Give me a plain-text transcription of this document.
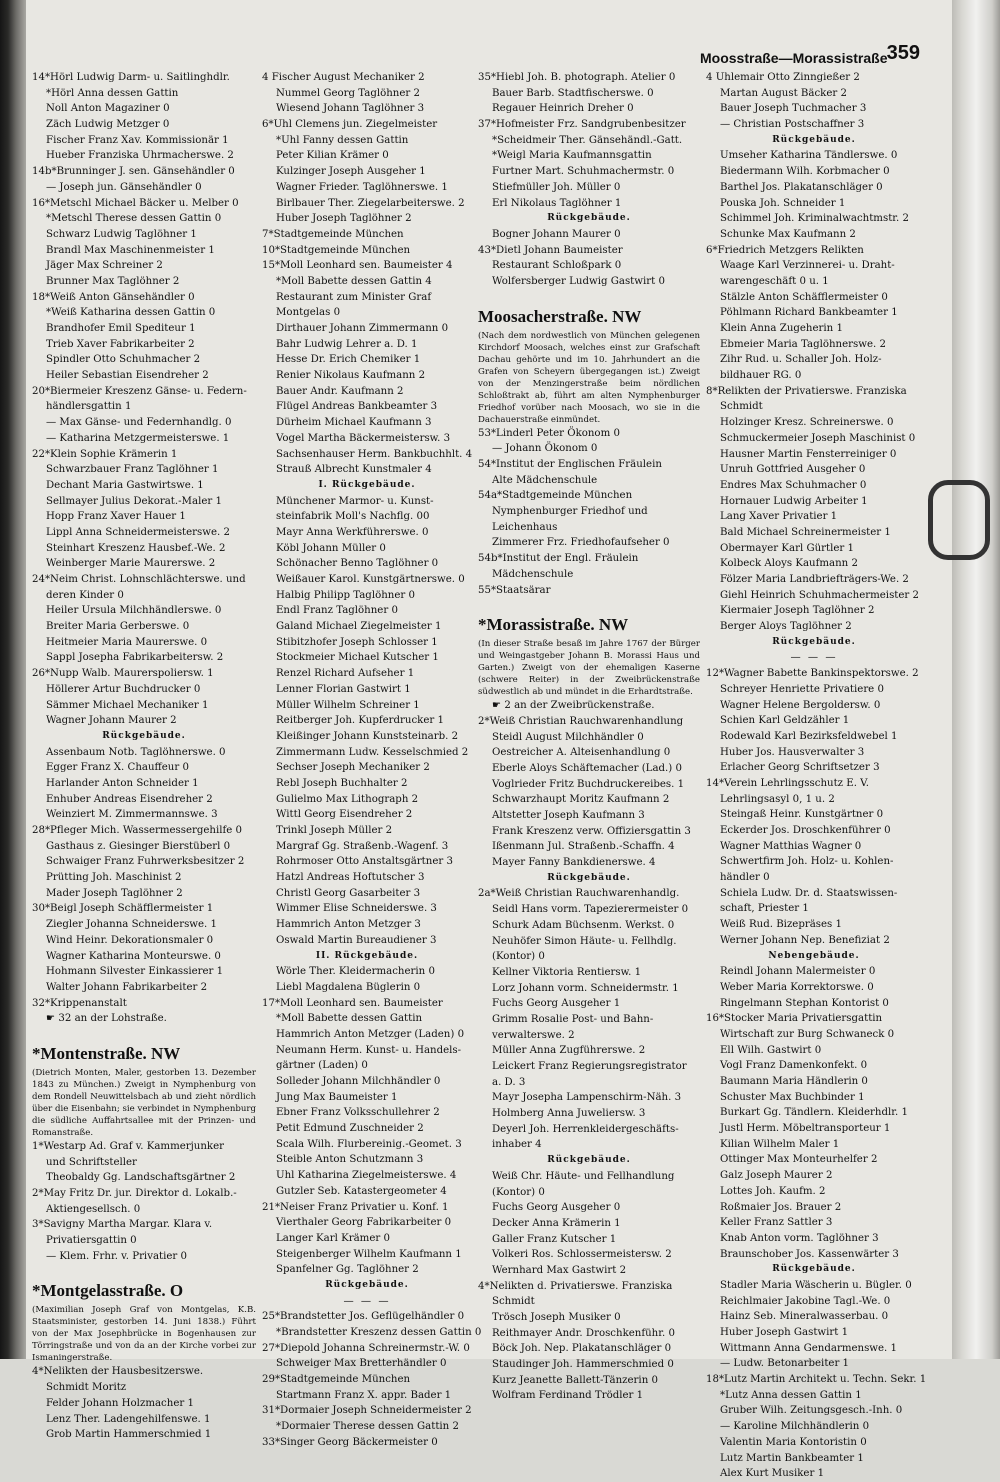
Moosstraße—Morassistraße 359
14*Hörl Ludwig Darm- u. Saitlinghdlr.
*Hörl Anna dessen Gattin
Noll Anton Magaziner 0
Zäch Ludwig Metzger 0
Fischer Franz Xav. Kommissionär 1
Hueber Franziska Uhrmacherswe. 2
14b*Brunninger J. sen. Gänsehändler 0
— Joseph jun. Gänsehändler 0
16*Metschl Michael Bäcker u. Melber 0
*Metschl Therese dessen Gattin 0
Schwarz Ludwig Taglöhner 1
Brandl Max Maschinenmeister 1
Jäger Max Schreiner 2
Brunner Max Taglöhner 2
18*Weiß Anton Gänsehändler 0
*Weiß Katharina dessen Gattin 0
Brandhofer Emil Spediteur 1
Trieb Xaver Fabrikarbeiter 2
Spindler Otto Schuhmacher 2
Heiler Sebastian Eisendreher 2
20*Biermeier Kreszenz Gänse- u. Federn-
händlersgattin 1
— Max Gänse- und Federnhandlg. 0
— Katharina Metzgermeisterswe. 1
22*Klein Sophie Krämerin 1
Schwarzbauer Franz Taglöhner 1
Dechant Maria Gastwirtswe. 1
Sellmayer Julius Dekorat.-Maler 1
Hopp Franz Xaver Hauer 1
Lippl Anna Schneidermeisterswe. 2
Steinhart Kreszenz Hausbef.-We. 2
Weinberger Marie Maurerswe. 2
24*Neim Christ. Lohnschlächterswe. und
deren Kinder 0
Heiler Ursula Milchhändlerswe. 0
Breiter Maria Gerberswe. 0
Heitmeier Maria Maurerswe. 0
Sappl Josepha Fabrikarbeitersw. 2
26*Nupp Walb. Maurerspoliersw. 1
Höllerer Artur Buchdrucker 0
Sämmer Michael Mechaniker 1
Wagner Johann Maurer 2
Rückgebäude.
Assenbaum Notb. Taglöhnerswe. 0
Egger Franz X. Chauffeur 0
Harlander Anton Schneider 1
Enhuber Andreas Eisendreher 2
Weinziert M. Zimmermannswe. 3
28*Pfleger Mich. Wassermessergehilfe 0
Gasthaus z. Giesinger Bierstüberl 0
Schwaiger Franz Fuhrwerksbesitzer 2
Prütting Joh. Maschinist 2
Mader Joseph Taglöhner 2
30*Beigl Joseph Schäfflermeister 1
Ziegler Johanna Schneiderswe. 1
Wind Heinr. Dekorationsmaler 0
Wagner Katharina Monteurswe. 0
Hohmann Silvester Einkassierer 1
Walter Johann Fabrikarbeiter 2
32*Krippenanstalt
☛ 32 an der Lohstraße.
*Montenstraße. NW
(Dietrich Monten, Maler, gestorben 13. Dezember 1843 zu München.) Zweigt in Nymphenburg von dem Rondell Neuwittelsbach ab und zieht nördlich über die Eisenbahn; sie verbindet in Nymphenburg die südliche Auffahrtsallee mit der Prinzen- und Romanstraße.
1*Westarp Ad. Graf v. Kammerjunker
und Schriftsteller
Theobaldy Gg. Landschaftsgärtner 2
2*May Fritz Dr. jur. Direktor d. Lokalb.-
Aktiengesellsch. 0
3*Savigny Martha Margar. Klara v.
Privatiersgattin 0
— Klem. Frhr. v. Privatier 0
*Montgelasstraße. O
(Maximilian Joseph Graf von Montgelas, K.B. Staatsminister, gestorben 14. Juni 1838.) Führt von der Max Josephbrücke in Bogenhausen zur Törringstraße und von da an der Kirche vorbei zur Ismaningerstraße.
4*Nelikten der Hausbesitzerswe.
Schmidt Moritz
Felder Johann Holzmacher 1
Lenz Ther. Ladengehilfenswe. 1
Grob Martin Hammerschmied 1
4 Fischer August Mechaniker 2
Nummel Georg Taglöhner 2
Wiesend Johann Taglöhner 3
6*Uhl Clemens jun. Ziegelmeister
*Uhl Fanny dessen Gattin
Peter Kilian Krämer 0
Kulzinger Joseph Ausgeher 1
Wagner Frieder. Taglöhnerswe. 1
Birlbauer Ther. Ziegelarbeiterswe. 2
Huber Joseph Taglöhner 2
7*Stadtgemeinde München
10*Stadtgemeinde München
15*Moll Leonhard sen. Baumeister 4
*Moll Babette dessen Gattin 4
Restaurant zum Minister Graf
Montgelas 0
Dirthauer Johann Zimmermann 0
Bahr Ludwig Lehrer a. D. 1
Hesse Dr. Erich Chemiker 1
Renier Nikolaus Kaufmann 2
Bauer Andr. Kaufmann 2
Flügel Andreas Bankbeamter 3
Dürheim Michael Kaufmann 3
Vogel Martha Bäckermeistersw. 3
Sachsenhauser Herm. Bankbuchhlt. 4
Strauß Albrecht Kunstmaler 4
I. Rückgebäude.
Münchener Marmor- u. Kunst-
steinfabrik Moll's Nachflg. 00
Mayr Anna Werkführerswe. 0
Köbl Johann Müller 0
Schönacher Benno Taglöhner 0
Weißauer Karol. Kunstgärtnerswe. 0
Halbig Philipp Taglöhner 0
Endl Franz Taglöhner 0
Galand Michael Ziegelmeister 1
Stibitzhofer Joseph Schlosser 1
Stockmeier Michael Kutscher 1
Renzel Richard Aufseher 1
Lenner Florian Gastwirt 1
Müller Wilhelm Schreiner 1
Reitberger Joh. Kupferdrucker 1
Kleißinger Johann Kunststeinarb. 2
Zimmermann Ludw. Kesselschmied 2
Sechser Joseph Mechaniker 2
Rebl Joseph Buchhalter 2
Gulielmo Max Lithograph 2
Wittl Georg Eisendreher 2
Trinkl Joseph Müller 2
Margraf Gg. Straßenb.-Wagenf. 3
Rohrmoser Otto Anstaltsgärtner 3
Hatzl Andreas Hoftutscher 3
Christl Georg Gasarbeiter 3
Wimmer Elise Schneiderswe. 3
Hammrich Anton Metzger 3
Oswald Martin Bureaudiener 3
II. Rückgebäude.
Wörle Ther. Kleidermacherin 0
Liebl Magdalena Büglerin 0
17*Moll Leonhard sen. Baumeister
*Moll Babette dessen Gattin
Hammrich Anton Metzger (Laden) 0
Neumann Herm. Kunst- u. Handels-
gärtner (Laden) 0
Solleder Johann Milchhändler 0
Jung Max Baumeister 1
Ebner Franz Volksschullehrer 2
Petit Edmund Zuschneider 2
Scala Wilh. Flurbereinig.-Geomet. 3
Steible Anton Schutzmann 3
Uhl Katharina Ziegelmeisterswe. 4
Gutzler Seb. Katastergeometer 4
21*Neiser Franz Privatier u. Konf. 1
Vierthaler Georg Fabrikarbeiter 0
Langer Karl Krämer 0
Steigenberger Wilhelm Kaufmann 1
Spanfelner Gg. Taglöhner 2
Rückgebäude.
— — —
25*Brandstetter Jos. Geflügelhändler 0
*Brandstetter Kreszenz dessen Gattin 0
27*Diepold Johanna Schreinermstr.-W. 0
Schweiger Max Bretterhändler 0
29*Stadtgemeinde München
Startmann Franz X. appr. Bader 1
31*Dormaier Joseph Schneidermeister 2
*Dormaier Therese dessen Gattin 2
33*Singer Georg Bäckermeister 0
35*Hiebl Joh. B. photograph. Atelier 0
Bauer Barb. Stadtfischerswe. 0
Regauer Heinrich Dreher 0
37*Hofmeister Frz. Sandgrubenbesitzer
*Scheidmeir Ther. Gänsehändl.-Gatt.
*Weigl Maria Kaufmannsgattin
Furtner Mart. Schuhmachermstr. 0
Stiefmüller Joh. Müller 0
Erl Nikolaus Taglöhner 1
Rückgebäude.
Bogner Johann Maurer 0
43*Dietl Johann Baumeister
Restaurant Schloßpark 0
Wolfersberger Ludwig Gastwirt 0
Moosacherstraße. NW
(Nach dem nordwestlich von München gelegenen Kirchdorf Moosach, welches einst zur Grafschaft Dachau gehörte und im 10. Jahrhundert an die Grafen von Scheyern übergegangen ist.) Zweigt von der Menzingerstraße beim nördlichen Schloßtrakt ab, führt am alten Nymphenburger Friedhof vorüber nach Moosach, wo sie in die Dachauerstraße einmündet.
53*Linderl Peter Ökonom 0
— Johann Ökonom 0
54*Institut der Englischen Fräulein
Alte Mädchenschule
54a*Stadtgemeinde München
Nymphenburger Friedhof und
Leichenhaus
Zimmerer Frz. Friedhofaufseher 0
54b*Institut der Engl. Fräulein
Mädchenschule
55*Staatsärar
*Morassistraße. NW
(In dieser Straße besaß im Jahre 1767 der Bürger und Weingastgeber Johann B. Morassi Haus und Garten.) Zweigt von der ehemaligen Kaserne (schwere Reiter) in der Zweibrückenstraße südwestlich ab und mündet in die Erhardtstraße.
☛ 2 an der Zweibrückenstraße.
2*Weiß Christian Rauchwarenhandlung
Steidl August Milchhändler 0
Oestreicher A. Alteisenhandlung 0
Eberle Aloys Schäftemacher (Lad.) 0
Voglrieder Fritz Buchdruckereibes. 1
Schwarzhaupt Moritz Kaufmann 2
Altstetter Joseph Kaufmann 3
Frank Kreszenz verw. Offiziersgattin 3
Ißenmann Jul. Straßenb.-Schaffn. 4
Mayer Fanny Bankdienerswe. 4
Rückgebäude.
2a*Weiß Christian Rauchwarenhandlg.
Seidl Hans vorm. Tapezierermeister 0
Schurk Adam Büchsenm. Werkst. 0
Neuhöfer Simon Häute- u. Fellhdlg.
(Kontor) 0
Kellner Viktoria Rentiersw. 1
Lorz Johann vorm. Schneidermstr. 1
Fuchs Georg Ausgeher 1
Grimm Rosalie Post- und Bahn-
verwalterswe. 2
Müller Anna Zugführerswe. 2
Leickert Franz Regierungsregistrator
a. D. 3
Mayr Josepha Lampenschirm-Näh. 3
Holmberg Anna Juweliersw. 3
Deyerl Joh. Herrenkleidergeschäfts-
inhaber 4
Rückgebäude.
Weiß Chr. Häute- und Fellhandlung
(Kontor) 0
Fuchs Georg Ausgeher 0
Decker Anna Krämerin 1
Galler Franz Kutscher 1
Volkeri Ros. Schlossermeistersw. 2
Wernhard Max Gastwirt 2
4*Nelikten d. Privatierswe. Franziska
Schmidt
Trösch Joseph Musiker 0
Reithmayer Andr. Droschkenführ. 0
Böck Joh. Nep. Plakatanschläger 0
Staudinger Joh. Hammerschmied 0
Kurz Jeanette Ballett-Tänzerin 0
Wolfram Ferdinand Trödler 1
4 Uhlemair Otto Zinngießer 2
Martan August Bäcker 2
Bauer Joseph Tuchmacher 3
— Christian Postschaffner 3
Rückgebäude.
Umseher Katharina Tändlerswe. 0
Biedermann Wilh. Korbmacher 0
Barthel Jos. Plakatanschläger 0
Pouska Joh. Schneider 1
Schimmel Joh. Kriminalwachtmstr. 2
Schunke Max Kaufmann 2
6*Friedrich Metzgers Relikten
Waage Karl Verzinnerei- u. Draht-
warengeschäft 0 u. 1
Stälzle Anton Schäfflermeister 0
Pöhlmann Richard Bankbeamter 1
Klein Anna Zugeherin 1
Ebmeier Maria Taglöhnerswe. 2
Zihr Rud. u. Schaller Joh. Holz-
bildhauer RG. 0
8*Relikten der Privatierswe. Franziska
Schmidt
Holzinger Kresz. Schreinerswe. 0
Schmuckermeier Joseph Maschinist 0
Hausner Martin Fensterreiniger 0
Unruh Gottfried Ausgeher 0
Endres Max Schuhmacher 0
Hornauer Ludwig Arbeiter 1
Lang Xaver Privatier 1
Bald Michael Schreinermeister 1
Obermayer Karl Gürtler 1
Kolbeck Aloys Kaufmann 2
Fölzer Maria Landbriefträgers-We. 2
Giehl Heinrich Schuhmachermeister 2
Kiermaier Joseph Taglöhner 2
Berger Aloys Taglöhner 2
Rückgebäude.
— — —
12*Wagner Babette Bankinspektorswe. 2
Schreyer Henriette Privatiere 0
Wagner Helene Bergoldersw. 0
Schien Karl Geldzähler 1
Rodewald Karl Bezirksfeldwebel 1
Huber Jos. Hausverwalter 3
Erlacher Georg Schriftsetzer 3
14*Verein Lehrlingsschutz E. V.
Lehrlingsasyl 0, 1 u. 2
Steingaß Heinr. Kunstgärtner 0
Eckerder Jos. Droschkenführer 0
Wagner Matthias Wagner 0
Schwertfirm Joh. Holz- u. Kohlen-
händler 0
Schiela Ludw. Dr. d. Staatswissen-
schaft, Priester 1
Weiß Rud. Bizepräses 1
Werner Johann Nep. Benefiziat 2
Nebengebäude.
Reindl Johann Malermeister 0
Weber Maria Korrektorswe. 0
Ringelmann Stephan Kontorist 0
16*Stocker Maria Privatiersgattin
Wirtschaft zur Burg Schwaneck 0
Ell Wilh. Gastwirt 0
Vogl Franz Damenkonfekt. 0
Baumann Maria Händlerin 0
Schuster Max Buchbinder 1
Burkart Gg. Tändlern. Kleiderhdlr. 1
Justl Herm. Möbeltransporteur 1
Kilian Wilhelm Maler 1
Ottinger Max Monteurhelfer 2
Galz Joseph Maurer 2
Lottes Joh. Kaufm. 2
Roßmaier Jos. Brauer 2
Keller Franz Sattler 3
Knab Anton vorm. Taglöhner 3
Braunschober Jos. Kassenwärter 3
Rückgebäude.
Stadler Maria Wäscherin u. Bügler. 0
Reichlmaier Jakobine Tagl.-We. 0
Hainz Seb. Mineralwasserbau. 0
Huber Joseph Gastwirt 1
Wittmann Anna Gendarmenswe. 1
— Ludw. Betonarbeiter 1
18*Lutz Martin Architekt u. Techn. Sekr. 1
*Lutz Anna dessen Gattin 1
Gruber Wilh. Zeitungsgesch.-Inh. 0
— Karoline Milchhändlerin 0
Valentin Maria Kontoristin 0
Lutz Martin Bankbeamter 1
Alex Kurt Musiker 1
